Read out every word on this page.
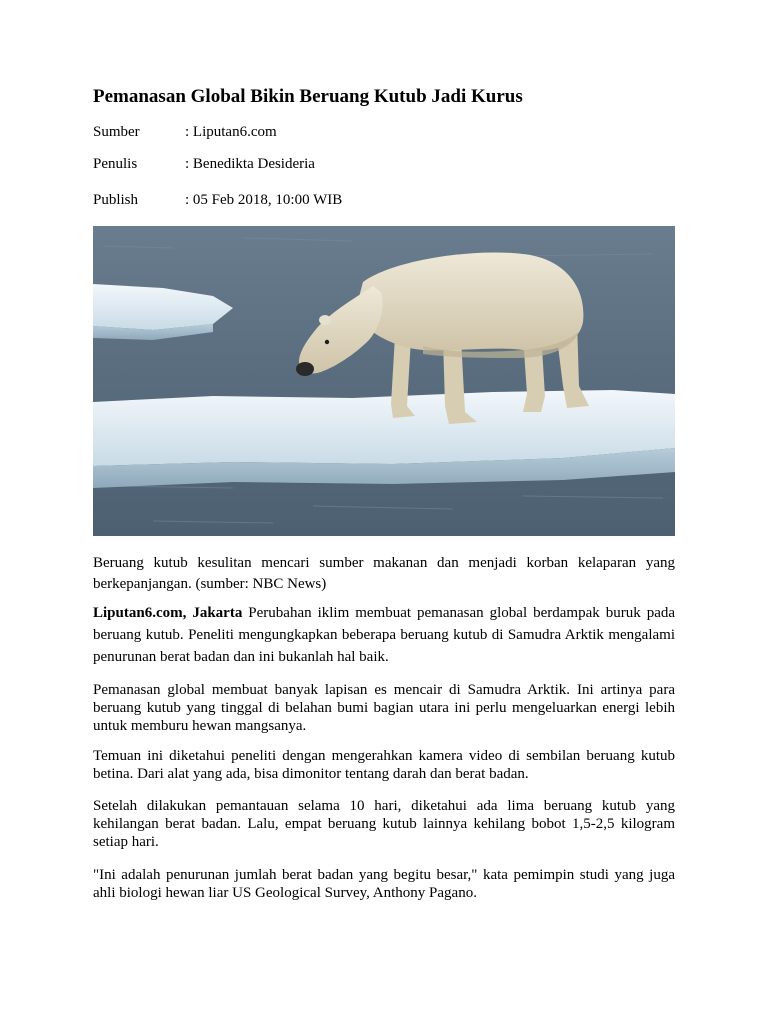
Pemanasan Global Bikin Beruang Kutub Jadi Kurus
Sumber	: Liputan6.com
Penulis	: Benedikta Desideria
Publish	: 05 Feb 2018, 10:00 WIB

Beruang kutub kesulitan mencari sumber makanan dan menjadi korban kelaparan yang berkepanjangan. (sumber: NBC News)

Liputan6.com, Jakarta Perubahan iklim membuat pemanasan global berdampak buruk pada beruang kutub. Peneliti mengungkapkan beberapa beruang kutub di Samudra Arktik mengalami penurunan berat badan dan ini bukanlah hal baik.

Pemanasan global membuat banyak lapisan es mencair di Samudra Arktik. Ini artinya para beruang kutub yang tinggal di belahan bumi bagian utara ini perlu mengeluarkan energi lebih untuk memburu hewan mangsanya.

Temuan ini diketahui peneliti dengan mengerahkan kamera video di sembilan beruang kutub betina. Dari alat yang ada, bisa dimonitor tentang darah dan berat badan.

Setelah dilakukan pemantauan selama 10 hari, diketahui ada lima beruang kutub yang kehilangan berat badan. Lalu, empat beruang kutub lainnya kehilang bobot 1,5-2,5 kilogram setiap hari.

"Ini adalah penurunan jumlah berat badan yang begitu besar," kata pemimpin studi yang juga ahli biologi hewan liar US Geological Survey, Anthony Pagano.
